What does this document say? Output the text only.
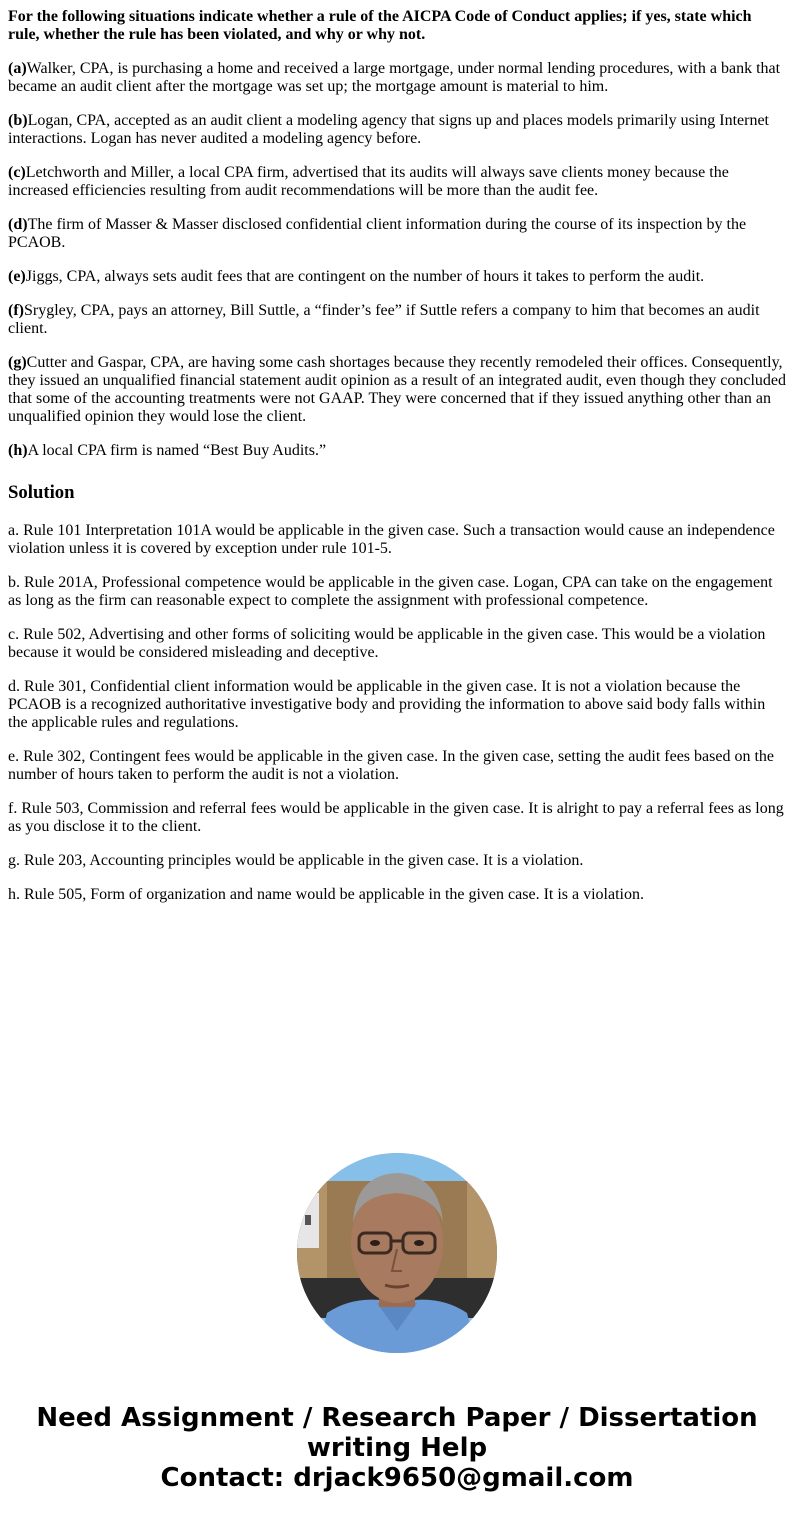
For the following situations indicate whether a rule of the AICPA Code of Conduct applies; if yes, state which rule, whether the rule has been violated, and why or why not.

(a)Walker, CPA, is purchasing a home and received a large mortgage, under normal lending procedures, with a bank that became an audit client after the mortgage was set up; the mortgage amount is material to him.

(b)Logan, CPA, accepted as an audit client a modeling agency that signs up and places models primarily using Internet interactions. Logan has never audited a modeling agency before.

(c)Letchworth and Miller, a local CPA firm, advertised that its audits will always save clients money because the increased efficiencies resulting from audit recommendations will be more than the audit fee.

(d)The firm of Masser & Masser disclosed confidential client information during the course of its inspection by the PCAOB.

(e)Jiggs, CPA, always sets audit fees that are contingent on the number of hours it takes to perform the audit.

(f)Srygley, CPA, pays an attorney, Bill Suttle, a “finder’s fee” if Suttle refers a company to him that becomes an audit client.

(g)Cutter and Gaspar, CPA, are having some cash shortages because they recently remodeled their offices. Consequently, they issued an unqualified financial statement audit opinion as a result of an integrated audit, even though they concluded that some of the accounting treatments were not GAAP. They were concerned that if they issued anything other than an unqualified opinion they would lose the client.

(h)A local CPA firm is named “Best Buy Audits.”

Solution

a. Rule 101 Interpretation 101A would be applicable in the given case. Such a transaction would cause an independence violation unless it is covered by exception under rule 101-5.

b. Rule 201A, Professional competence would be applicable in the given case. Logan, CPA can take on the engagement as long as the firm can reasonable expect to complete the assignment with professional competence.

c. Rule 502, Advertising and other forms of soliciting would be applicable in the given case. This would be a violation because it would be considered misleading and deceptive.

d. Rule 301, Confidential client information would be applicable in the given case. It is not a violation because the PCAOB is a recognized authoritative investigative body and providing the information to above said body falls within the applicable rules and regulations.

e. Rule 302, Contingent fees would be applicable in the given case. In the given case, setting the audit fees based on the number of hours taken to perform the audit is not a violation.

f. Rule 503, Commission and referral fees would be applicable in the given case. It is alright to pay a referral fees as long as you disclose it to the client.

g. Rule 203, Accounting principles would be applicable in the given case. It is a violation.

h. Rule 505, Form of organization and name would be applicable in the given case. It is a violation.

Need Assignment / Research Paper / Dissertation
writing Help
Contact: drjack9650@gmail.com
